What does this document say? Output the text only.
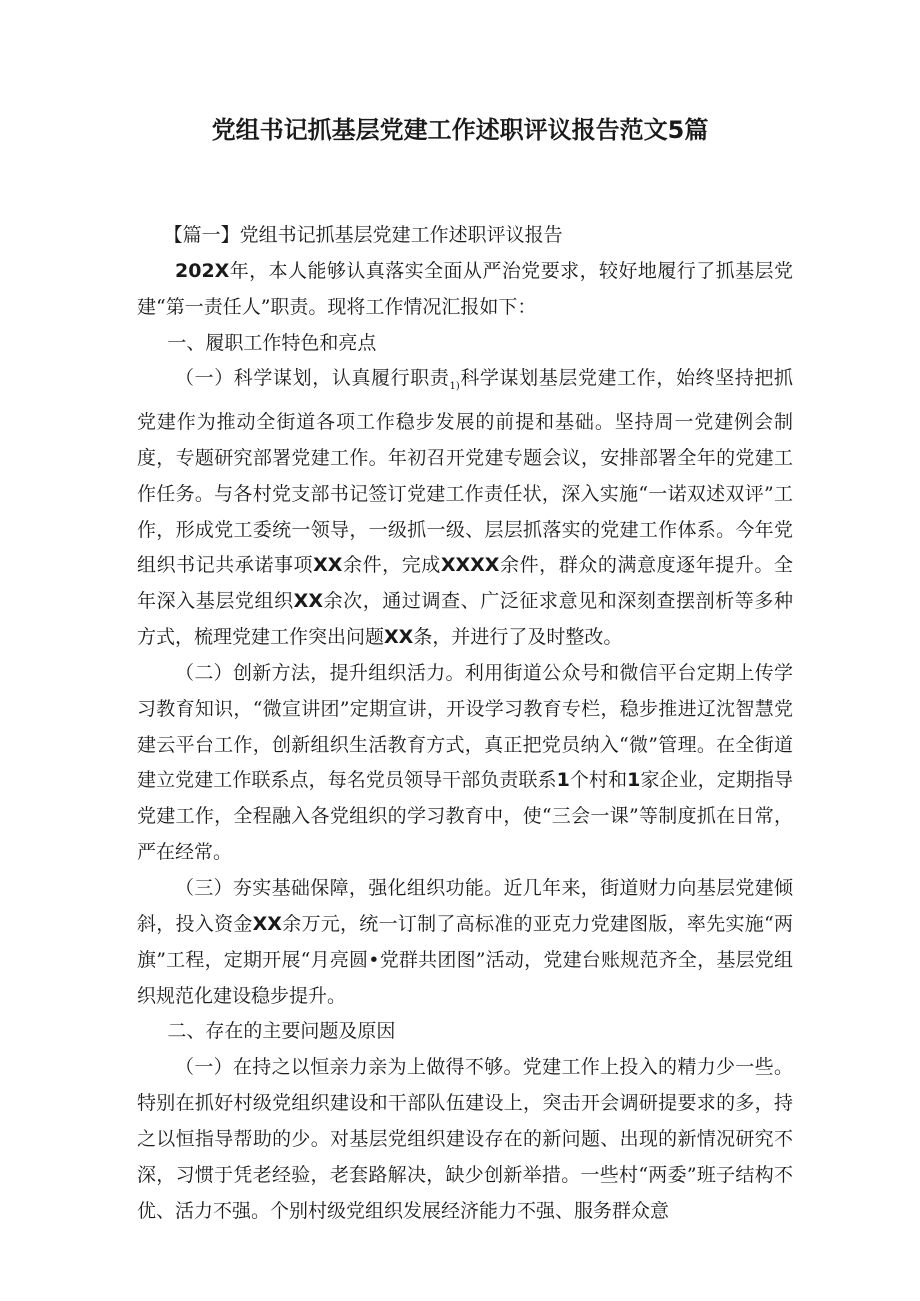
党组书记抓基层党建工作述职评议报告范文5篇

【篇一】党组书记抓基层党建工作述职评议报告

202X年，本人能够认真落实全面从严治党要求，较好地履行了抓基层党建“第一责任人”职责。现将工作情况汇报如下：

一、履职工作特色和亮点

（一）科学谋划，认真履行职责$_{1)}$科学谋划基层党建工作，始终坚持把抓党建作为推动全街道各项工作稳步发展的前提和基础。坚持周一党建例会制度，专题研究部署党建工作。年初召开党建专题会议，安排部署全年的党建工作任务。与各村党支部书记签订党建工作责任状，深入实施“一诺双述双评”工作，形成党工委统一领导，一级抓一级、层层抓落实的党建工作体系。今年党组织书记共承诺事项XX余件，完成XXXX余件，群众的满意度逐年提升。全年深入基层党组织XX余次，通过调查、广泛征求意见和深刻查摆剖析等多种方式，梳理党建工作突出问题XX条，并进行了及时整改。

（二）创新方法，提升组织活力。利用街道公众号和微信平台定期上传学习教育知识，“微宣讲团”定期宣讲，开设学习教育专栏，稳步推进辽沈智慧党建云平台工作，创新组织生活教育方式，真正把党员纳入“微”管理。在全街道建立党建工作联系点，每名党员领导干部负责联系1个村和1家企业，定期指导党建工作，全程融入各党组织的学习教育中，使“三会一课”等制度抓在日常，严在经常。

（三）夯实基础保障，强化组织功能。近几年来，街道财力向基层党建倾斜，投入资金XX余万元，统一订制了高标准的亚克力党建图版，率先实施“两旗”工程，定期开展“月亮圆•党群共团图”活动，党建台账规范齐全，基层党组织规范化建设稳步提升。

二、存在的主要问题及原因

（一）在持之以恒亲力亲为上做得不够。党建工作上投入的精力少一些。特别在抓好村级党组织建设和干部队伍建设上，突击开会调研提要求的多，持之以恒指导帮助的少。对基层党组织建设存在的新问题、出现的新情况研究不深，习惯于凭老经验，老套路解决，缺少创新举措。一些村“两委”班子结构不优、活力不强。个别村级党组织发展经济能力不强、服务群众意
